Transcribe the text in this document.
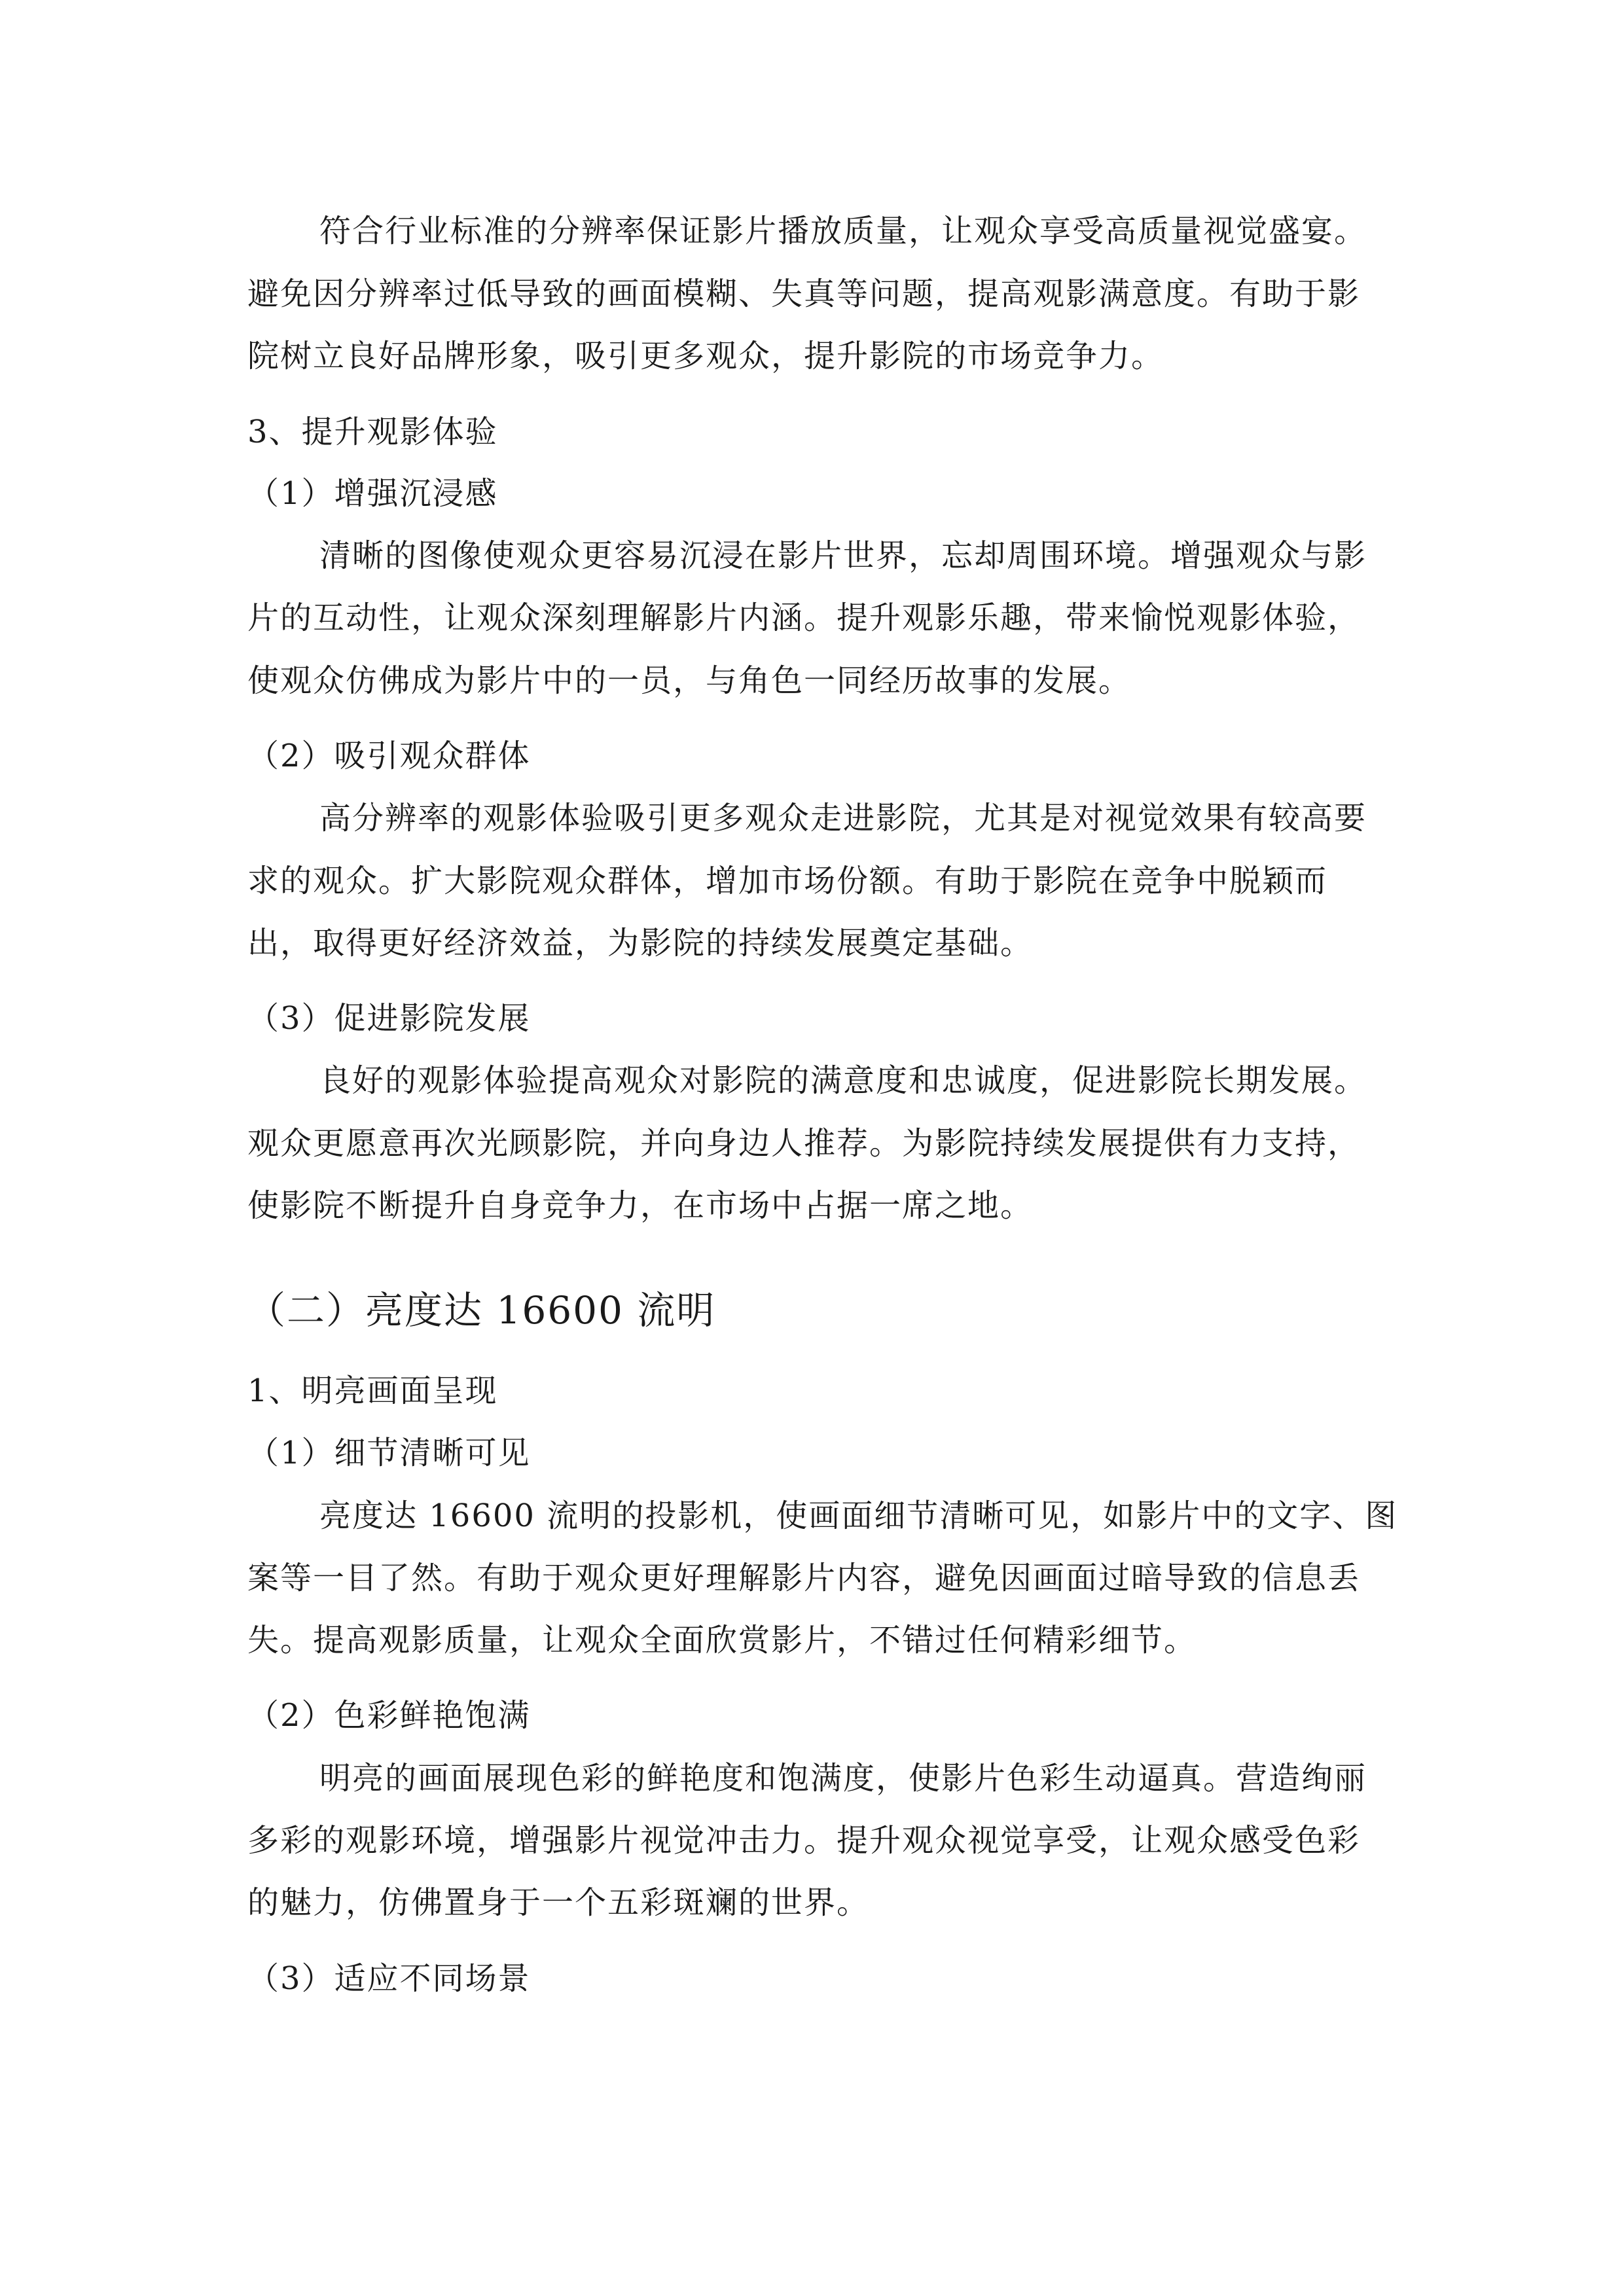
符合行业标准的分辨率保证影片播放质量，让观众享受高质量视觉盛宴。

避免因分辨率过低导致的画面模糊、失真等问题，提高观影满意度。有助于影

院树立良好品牌形象，吸引更多观众，提升影院的市场竞争力。

3、提升观影体验

（1）增强沉浸感

清晰的图像使观众更容易沉浸在影片世界，忘却周围环境。增强观众与影

片的互动性，让观众深刻理解影片内涵。提升观影乐趣，带来愉悦观影体验，

使观众仿佛成为影片中的一员，与角色一同经历故事的发展。

（2）吸引观众群体

高分辨率的观影体验吸引更多观众走进影院，尤其是对视觉效果有较高要

求的观众。扩大影院观众群体，增加市场份额。有助于影院在竞争中脱颖而

出，取得更好经济效益，为影院的持续发展奠定基础。

（3）促进影院发展

良好的观影体验提高观众对影院的满意度和忠诚度，促进影院长期发展。

观众更愿意再次光顾影院，并向身边人推荐。为影院持续发展提供有力支持，

使影院不断提升自身竞争力，在市场中占据一席之地。

（二）亮度达 16600 流明

1、明亮画面呈现

（1）细节清晰可见

亮度达 16600 流明的投影机，使画面细节清晰可见，如影片中的文字、图

案等一目了然。有助于观众更好理解影片内容，避免因画面过暗导致的信息丢

失。提高观影质量，让观众全面欣赏影片，不错过任何精彩细节。

（2）色彩鲜艳饱满

明亮的画面展现色彩的鲜艳度和饱满度，使影片色彩生动逼真。营造绚丽

多彩的观影环境，增强影片视觉冲击力。提升观众视觉享受，让观众感受色彩

的魅力，仿佛置身于一个五彩斑斓的世界。

（3）适应不同场景
